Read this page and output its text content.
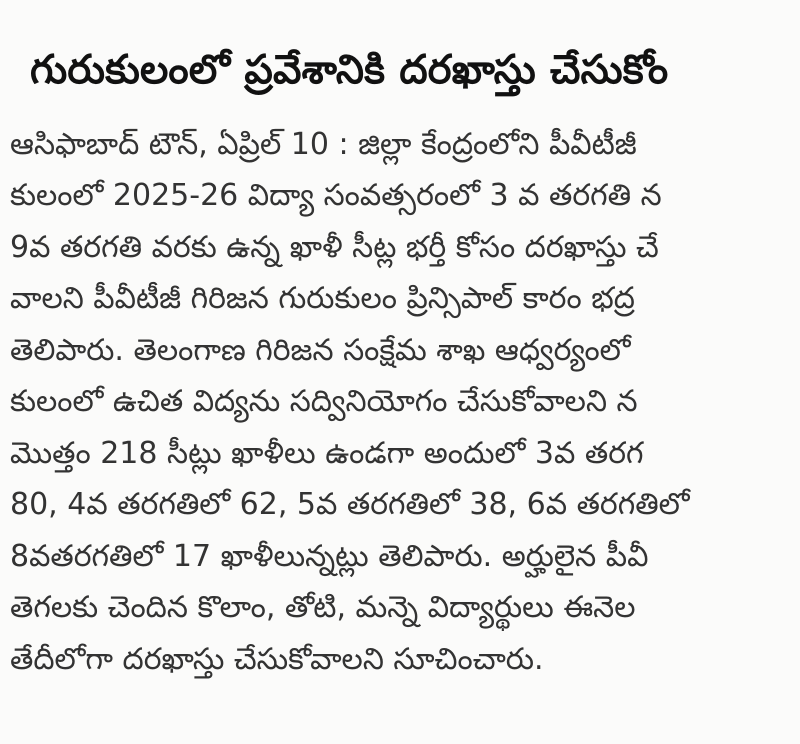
గురుకులంలో ప్రవేశానికి దరఖాస్తు చేసుకోం
ఆసిఫాబాద్ టౌన్, ఏప్రిల్ 10 : జిల్లా కేంద్రంలోని పీవీటీజీ
కులంలో 2025-26 విద్యా సంవత్సరంలో 3 వ తరగతి న
9వ తరగతి వరకు ఉన్న ఖాళీ సీట్ల భర్తీ కోసం దరఖాస్తు చే
వాలని పీవీటీజీ గిరిజన గురుకులం ప్రిన్సిపాల్ కారం భద్ర
తెలిపారు. తెలంగాణ గిరిజన సంక్షేమ శాఖ ఆధ్వర్యంలో
కులంలో ఉచిత విద్యను సద్వినియోగం చేసుకోవాలని న
మొత్తం 218 సీట్లు ఖాళీలు ఉండగా అందులో 3వ తరగ
80, 4వ తరగతిలో 62, 5వ తరగతిలో 38, 6వ తరగతిలో
8వతరగతిలో 17 ఖాళీలున్నట్లు తెలిపారు. అర్హులైన పీవీ
తెగలకు చెందిన కొలాం, తోటి, మన్నె విద్యార్థులు ఈనెల
తేదీలోగా దరఖాస్తు చేసుకోవాలని సూచించారు.
